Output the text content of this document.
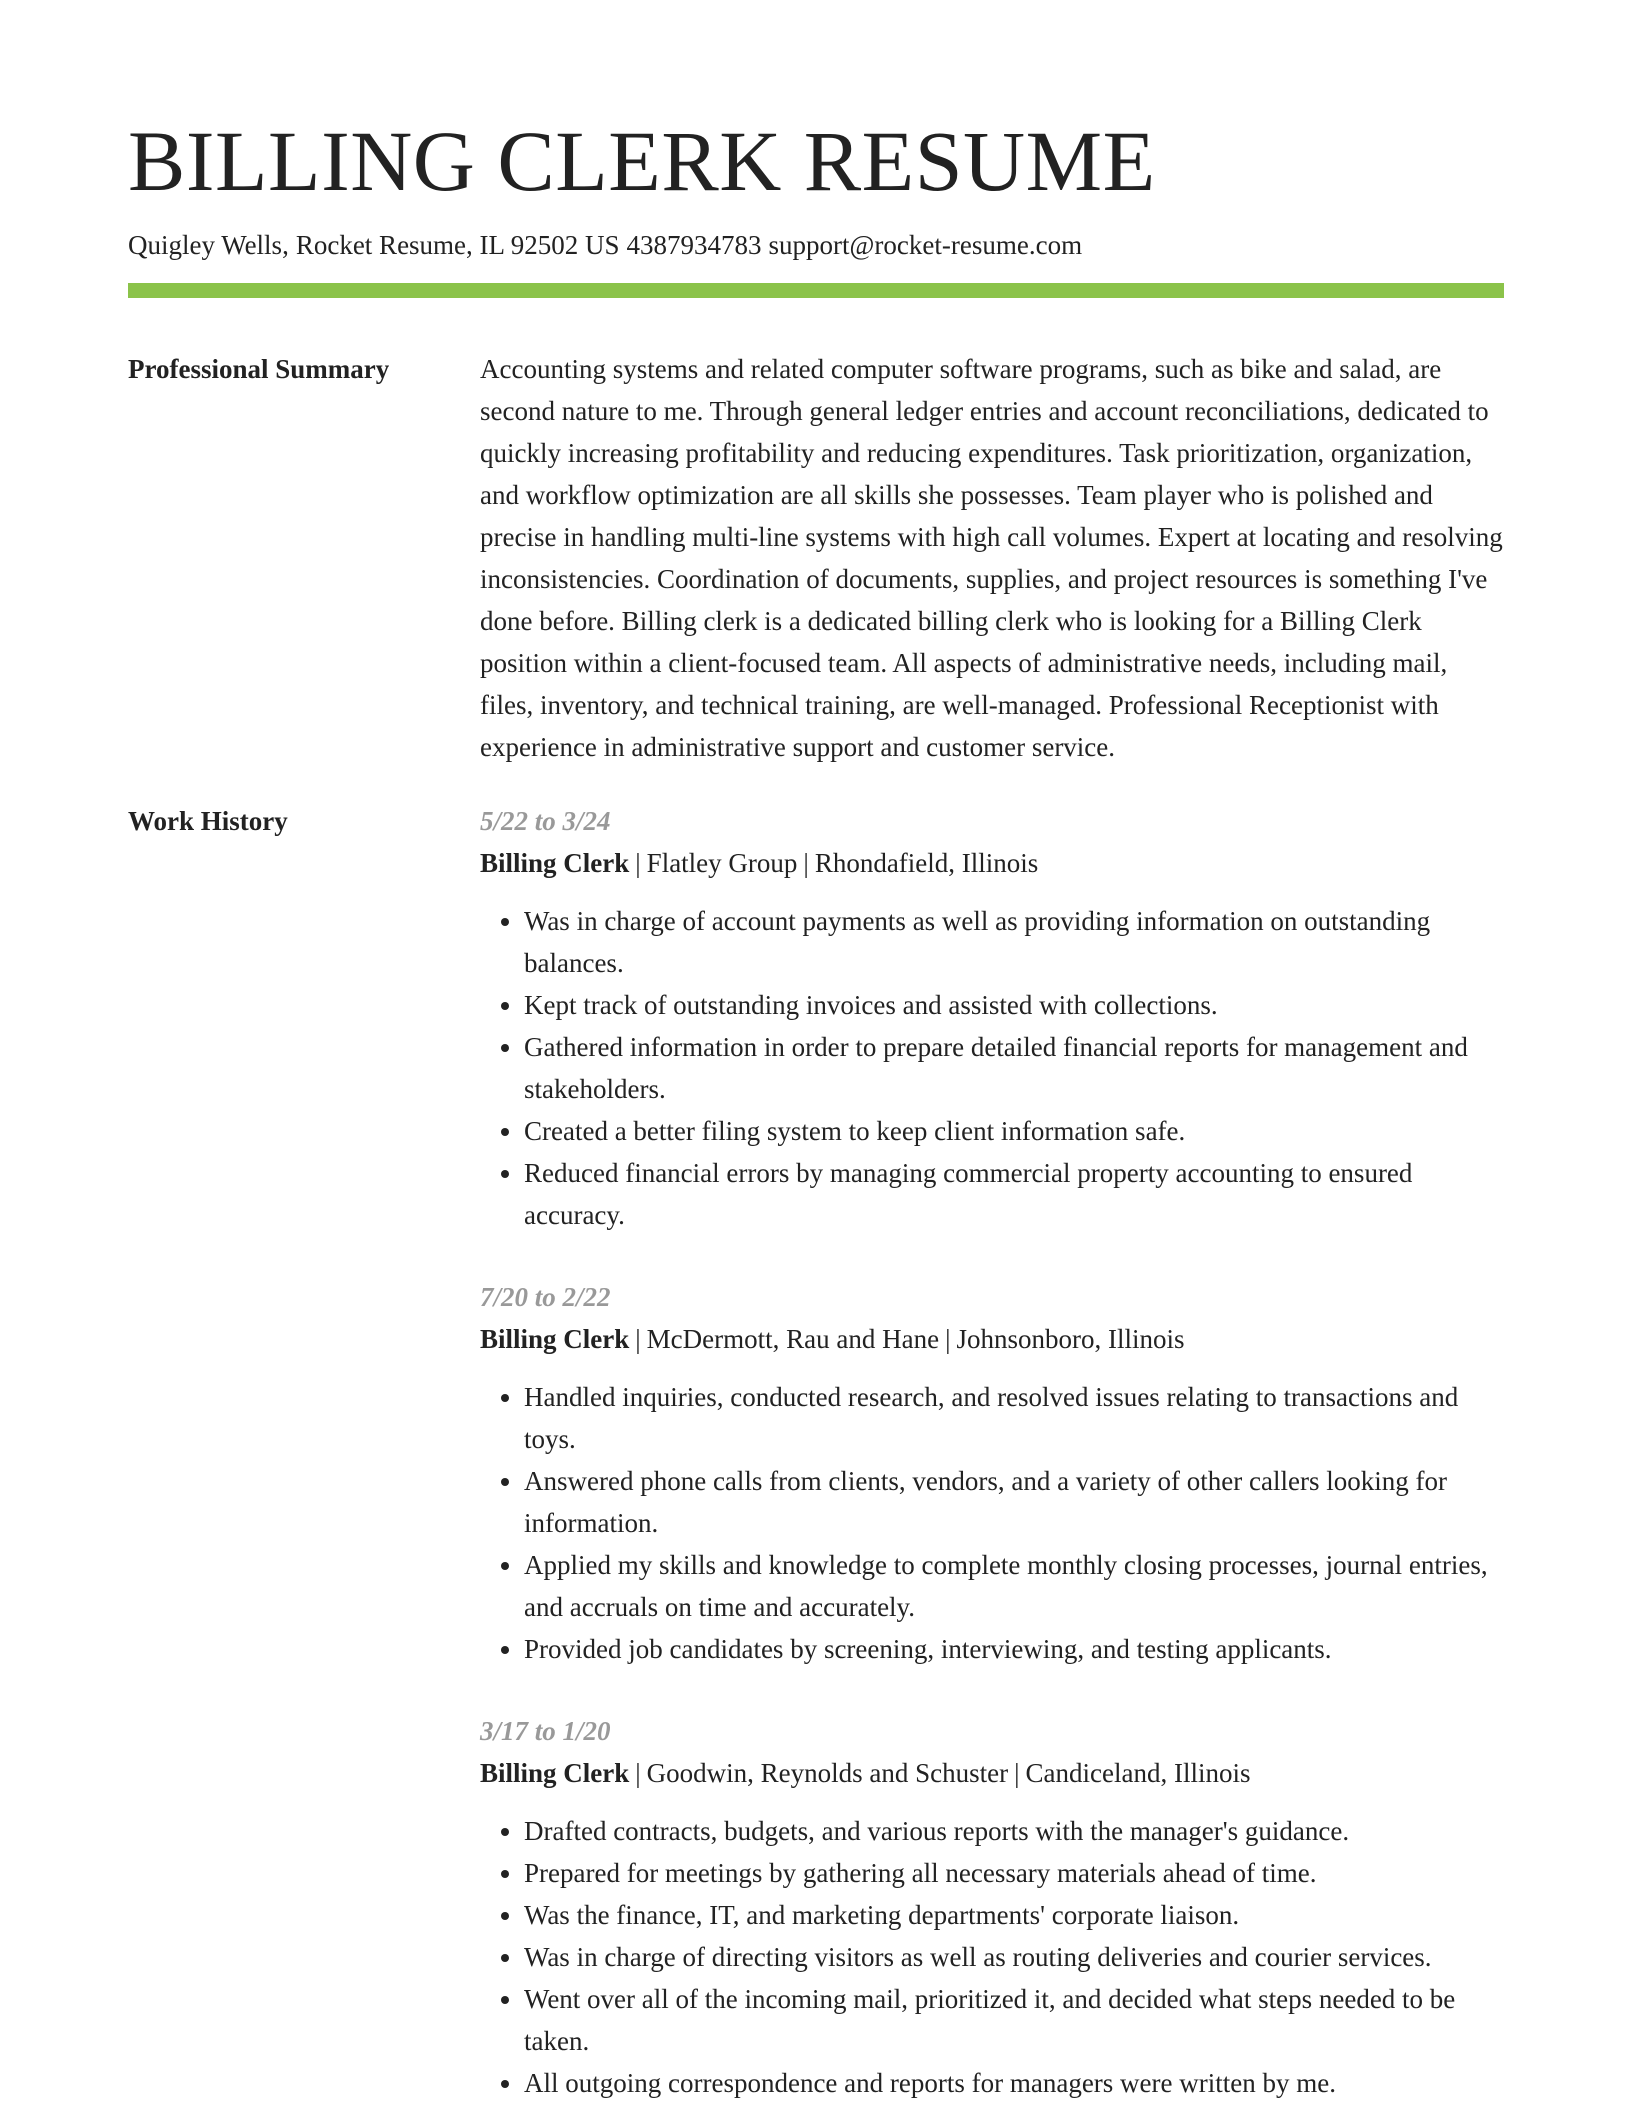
BILLING CLERK RESUME
Quigley Wells, Rocket Resume, IL 92502 US 4387934783 support@rocket-resume.com
Professional Summary	Accounting systems and related computer software programs, such as bike and salad, are second nature to me. Through general ledger entries and account reconciliations, dedicated to quickly increasing profitability and reducing expenditures. Task prioritization, organization, and workflow optimization are all skills she possesses. Team player who is polished and precise in handling multi-line systems with high call volumes. Expert at locating and resolving inconsistencies. Coordination of documents, supplies, and project resources is something I've done before. Billing clerk is a dedicated billing clerk who is looking for a Billing Clerk position within a client-focused team. All aspects of administrative needs, including mail, files, inventory, and technical training, are well-managed. Professional Receptionist with experience in administrative support and customer service.

Work History	5/22 to 3/24
Billing Clerk | Flatley Group | Rhondafield, Illinois
• Was in charge of account payments as well as providing information on outstanding balances.
• Kept track of outstanding invoices and assisted with collections.
• Gathered information in order to prepare detailed financial reports for management and stakeholders.
• Created a better filing system to keep client information safe.
• Reduced financial errors by managing commercial property accounting to ensured accuracy.
7/20 to 2/22
Billing Clerk | McDermott, Rau and Hane | Johnsonboro, Illinois
• Handled inquiries, conducted research, and resolved issues relating to transactions and toys.
• Answered phone calls from clients, vendors, and a variety of other callers looking for information.
• Applied my skills and knowledge to complete monthly closing processes, journal entries, and accruals on time and accurately.
• Provided job candidates by screening, interviewing, and testing applicants.
3/17 to 1/20
Billing Clerk | Goodwin, Reynolds and Schuster | Candiceland, Illinois
• Drafted contracts, budgets, and various reports with the manager's guidance.
• Prepared for meetings by gathering all necessary materials ahead of time.
• Was the finance, IT, and marketing departments' corporate liaison.
• Was in charge of directing visitors as well as routing deliveries and courier services.
• Went over all of the incoming mail, prioritized it, and decided what steps needed to be taken.
• All outgoing correspondence and reports for managers were written by me.
